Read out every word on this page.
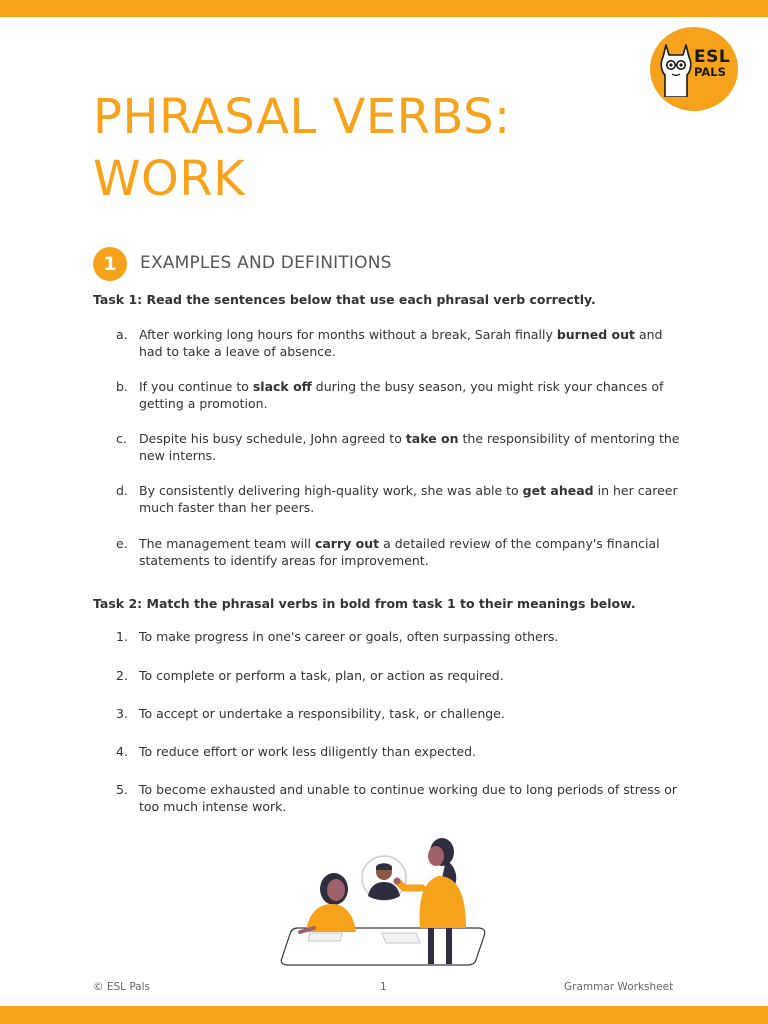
ESL
PALS
PHRASAL VERBS:
WORK
1	EXAMPLES AND DEFINITIONS

Task 1: Read the sentences below that use each phrasal verb correctly.

a. After working long hours for months without a break, Sarah finally burned out and had to take a leave of absence.
b. If you continue to slack off during the busy season, you might risk your chances of getting a promotion.
c. Despite his busy schedule, John agreed to take on the responsibility of mentoring the new interns.
d. By consistently delivering high-quality work, she was able to get ahead in her career much faster than her peers.
e. The management team will carry out a detailed review of the company's financial statements to identify areas for improvement.

Task 2: Match the phrasal verbs in bold from task 1 to their meanings below.

1. To make progress in one's career or goals, often surpassing others.
2. To complete or perform a task, plan, or action as required.
3. To accept or undertake a responsibility, task, or challenge.
4. To reduce effort or work less diligently than expected.
5. To become exhausted and unable to continue working due to long periods of stress or too much intense work.
© ESL Pals	1	Grammar Worksheet
